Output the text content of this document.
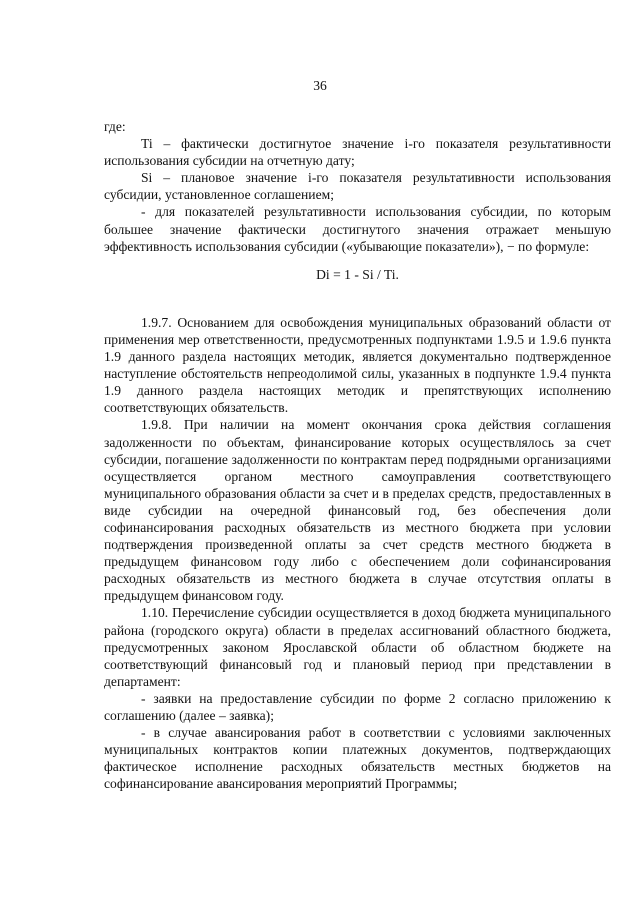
36

где:

Ti – фактически достигнутое значение i-го показателя результативности использования субсидии на отчетную дату;

Si – плановое значение i-го показателя результативности использования субсидии, установленное соглашением;

- для показателей результативности использования субсидии, по которым большее значение фактически достигнутого значения отражает меньшую эффективность использования субсидии («убывающие показатели»), − по формуле:

Di = 1 - Si / Ti.

1.9.7. Основанием для освобождения муниципальных образований области от применения мер ответственности, предусмотренных подпунктами 1.9.5 и 1.9.6 пункта 1.9 данного раздела настоящих методик, является документально подтвержденное наступление обстоятельств непреодолимой силы, указанных в подпункте 1.9.4 пункта 1.9 данного раздела настоящих методик и препятствующих исполнению соответствующих обязательств.

1.9.8. При наличии на момент окончания срока действия соглашения задолженности по объектам, финансирование которых осуществлялось за счет субсидии, погашение задолженности по контрактам перед подрядными организациями осуществляется органом местного самоуправления соответствующего муниципального образования области за счет и в пределах средств, предоставленных в виде субсидии на очередной финансовый год, без обеспечения доли софинансирования расходных обязательств из местного бюджета при условии подтверждения произведенной оплаты за счет средств местного бюджета в предыдущем финансовом году либо с обеспечением доли софинансирования расходных обязательств из местного бюджета в случае отсутствия оплаты в предыдущем финансовом году.

1.10. Перечисление субсидии осуществляется в доход бюджета муниципального района (городского округа) области в пределах ассигнований областного бюджета, предусмотренных законом Ярославской области об областном бюджете на соответствующий финансовый год и плановый период при представлении в департамент:

- заявки на предоставление субсидии по форме 2 согласно приложению к соглашению (далее – заявка);

- в случае авансирования работ в соответствии с условиями заключенных муниципальных контрактов копии платежных документов, подтверждающих фактическое исполнение расходных обязательств местных бюджетов на софинансирование авансирования мероприятий Программы;
